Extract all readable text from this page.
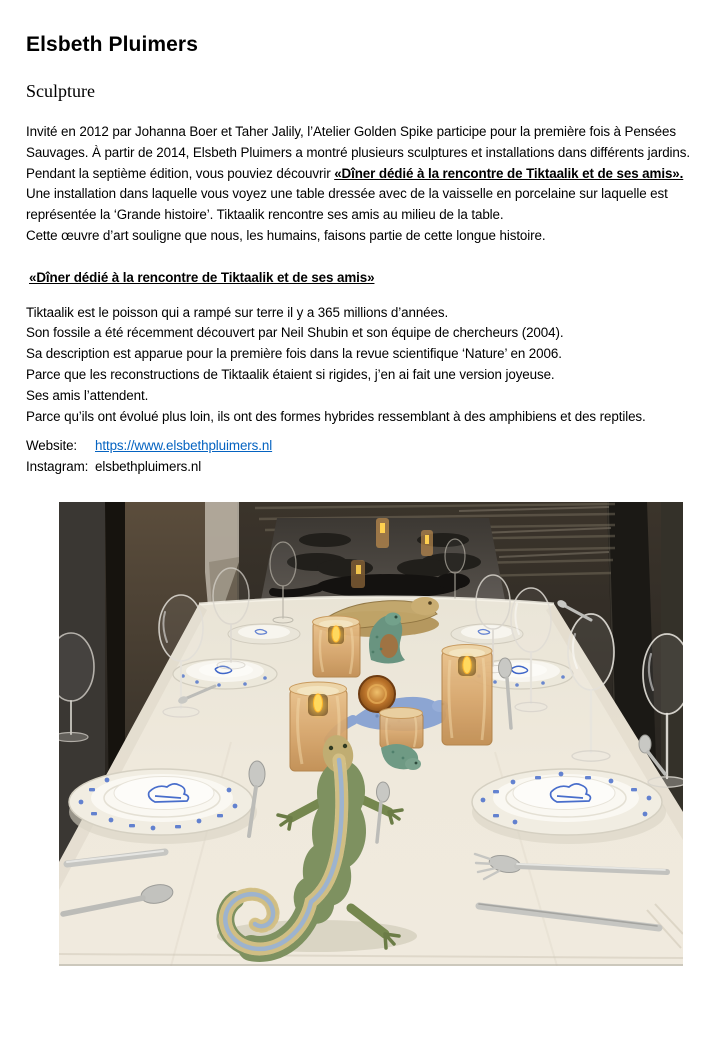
Elsbeth Pluimers
Sculpture
Invité en 2012 par Johanna Boer et Taher Jalily, l’Atelier Golden Spike participe pour la première fois à Pensées
Sauvages. À partir de 2014, Elsbeth Pluimers a montré plusieurs sculptures et installations dans différents jardins.
Pendant la septième édition, vous pouviez découvrir «Dîner dédié à la rencontre de Tiktaalik et de ses amis».
Une installation dans laquelle vous voyez une table dressée avec de la vaisselle en porcelaine sur laquelle est
représentée la ‘Grande histoire’. Tiktaalik rencontre ses amis au milieu de la table.
Cette œuvre d’art souligne que nous, les humains, faisons partie de cette longue histoire.
«Dîner dédié à la rencontre de Tiktaalik et de ses amis»
Tiktaalik est le poisson qui a rampé sur terre il y a 365 millions d’années.
Son fossile a été récemment découvert par Neil Shubin et son équipe de chercheurs (2004).
Sa description est apparue pour la première fois dans la revue scientifique ‘Nature’ en 2006.
Parce que les reconstructions de Tiktaalik étaient si rigides, j’en ai fait une version joyeuse.
Ses amis l’attendent.
Parce qu’ils ont évolué plus loin, ils ont des formes hybrides ressemblant à des amphibiens et des reptiles.
Website:	https://www.elsbethpluimers.nl
Instagram: elsbethpluimers.nl
